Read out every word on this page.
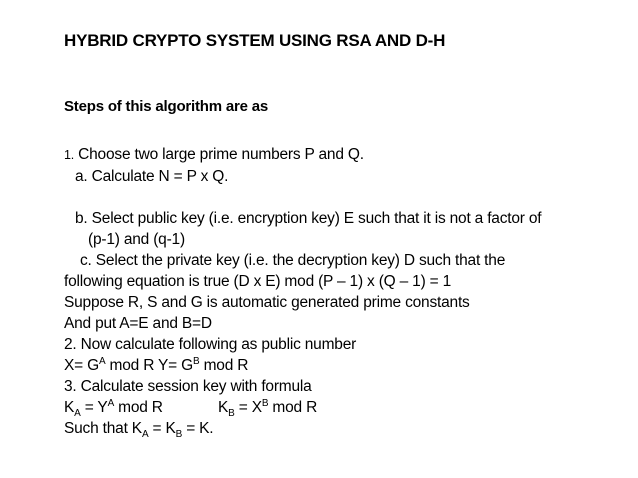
HYBRID CRYPTO SYSTEM USING RSA AND D-H
Steps of this algorithm are as
1. Choose two large prime numbers P and Q.
a. Calculate N = P x Q.
b. Select public key (i.e. encryption key) E such that it is not a factor of
(p-1) and (q-1)
c. Select the private key (i.e. the decryption key) D such that the
following equation is true (D x E) mod (P – 1) x (Q – 1) = 1
Suppose R, S and G is automatic generated prime constants
And put A=E and B=D
2. Now calculate following as public number
$X= G^A$ mod R $Y= G^B$ mod R
3. Calculate session key with formula
$K_A = Y^A$ mod R	$K_B = X^B$ mod R
Such that $K_A = K_B = K$.
